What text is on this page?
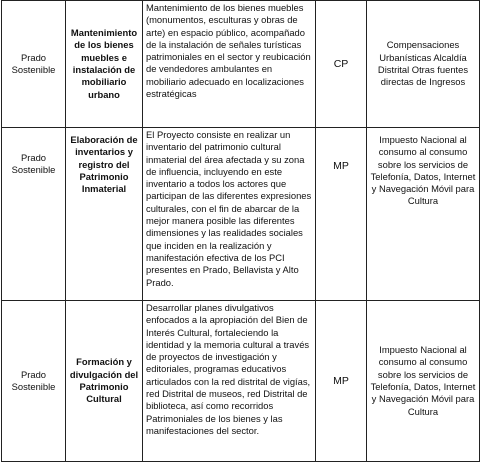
Prado Sostenible	Mantenimiento de los bienes muebles e instalación de mobiliario urbano	Mantenimiento de los bienes muebles (monumentos, esculturas y obras de arte) en espacio público, acompañado de la instalación de señales turísticas patrimoniales en el sector y reubicación de vendedores ambulantes en mobiliario adecuado en localizaciones estratégicas	CP	Compensaciones Urbanísticas Alcaldía Distrital Otras fuentes directas de Ingresos
Prado Sostenible	Elaboración de inventarios y registro del Patrimonio Inmaterial	El Proyecto consiste en realizar un inventario del patrimonio cultural inmaterial del área afectada y su zona de influencia, incluyendo en este inventario a todos los actores que participan de las diferentes expresiones culturales, con el fin de abarcar de la mejor manera posible las diferentes dimensiones y las realidades sociales que inciden en la realización y manifestación efectiva de los PCI presentes en Prado, Bellavista y Alto Prado.	MP	Impuesto Nacional al consumo al consumo sobre los servicios de Telefonía, Datos, Internet y Navegación Móvil para Cultura
Prado Sostenible	Formación y divulgación del Patrimonio Cultural	Desarrollar planes divulgativos enfocados a la apropiación del Bien de Interés Cultural, fortaleciendo la identidad y la memoria cultural a través de proyectos de investigación y editoriales, programas educativos articulados con la red distrital de vigías, red Distrital de museos, red Distrital de biblioteca, así como recorridos Patrimoniales de los bienes y las manifestaciones del sector.	MP	Impuesto Nacional al consumo al consumo sobre los servicios de Telefonía, Datos, Internet y Navegación Móvil para Cultura
